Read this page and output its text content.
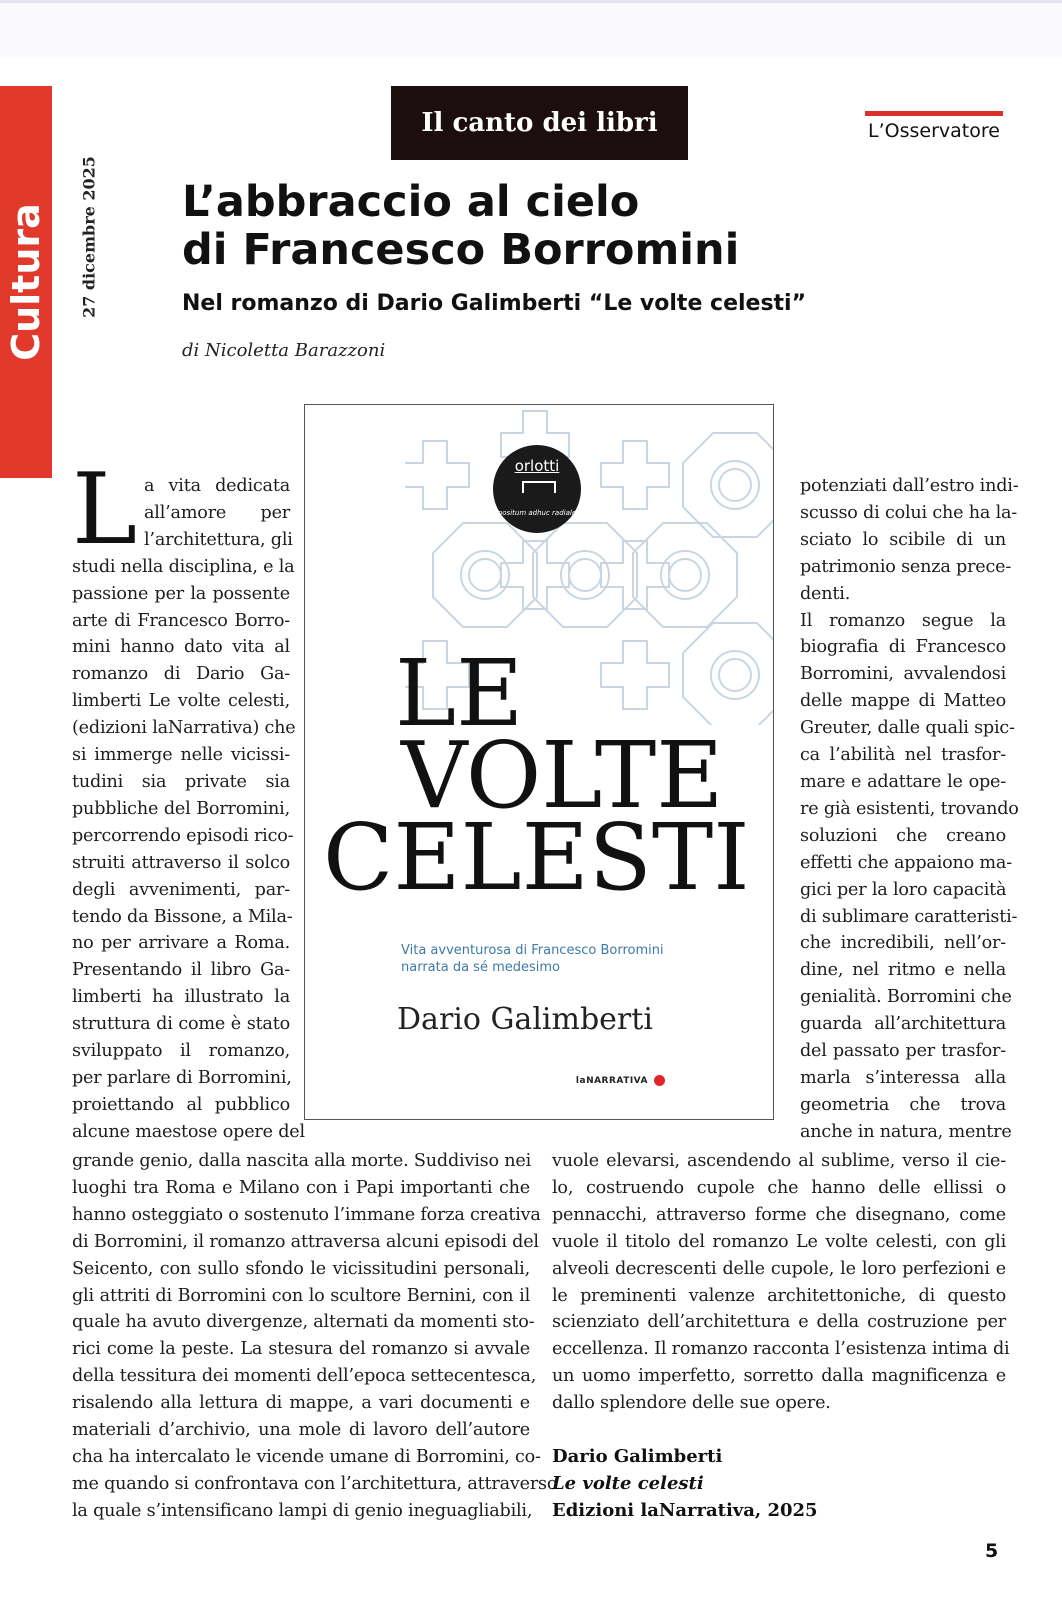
Cultura 27 dicembre 2025
Il canto dei libri	L’Osservatore
L’abbraccio al cielo
di Francesco Borromini
Nel romanzo di Dario Galimberti “Le volte celesti”
di Nicoletta Barazzoni
orlotti
positum adhuc radiale
LE
VOLTE
CELESTI
Vita avventurosa di Francesco Borromini
narrata da sé medesimo
Dario Galimberti
laNARRATIVA
L a vita dedicata
all’amore per
l’architettura, gli
studi nella disciplina, e la
passione per la possente
arte di Francesco Borro-
mini hanno dato vita al
romanzo di Dario Ga-
limberti Le volte celesti,
(edizioni laNarrativa) che
si immerge nelle vicissi-
tudini sia private sia
pubbliche del Borromini,
percorrendo episodi rico-
struiti attraverso il solco
degli avvenimenti, par-
tendo da Bissone, a Mila-
no per arrivare a Roma.
Presentando il libro Ga-
limberti ha illustrato la
struttura di come è stato
sviluppato il romanzo,
per parlare di Borromini,
proiettando al pubblico
alcune maestose opere del
potenziati dall’estro indi-
scusso di colui che ha la-
sciato lo scibile di un
patrimonio senza prece-
denti.
Il romanzo segue la
biografia di Francesco
Borromini, avvalendosi
delle mappe di Matteo
Greuter, dalle quali spic-
ca l’abilità nel trasfor-
mare e adattare le ope-
re già esistenti, trovando
soluzioni che creano
effetti che appaiono ma-
gici per la loro capacità
di sublimare caratteristi-
che incredibili, nell’or-
dine, nel ritmo e nella
genialità. Borromini che
guarda all’architettura
del passato per trasfor-
marla s’interessa alla
geometria che trova
anche in natura, mentre
grande genio, dalla nascita alla morte. Suddiviso nei
luoghi tra Roma e Milano con i Papi importanti che
hanno osteggiato o sostenuto l’immane forza creativa
di Borromini, il romanzo attraversa alcuni episodi del
Seicento, con sullo sfondo le vicissitudini personali,
gli attriti di Borromini con lo scultore Bernini, con il
quale ha avuto divergenze, alternati da momenti sto-
rici come la peste. La stesura del romanzo si avvale
della tessitura dei momenti dell’epoca settecentesca,
risalendo alla lettura di mappe, a vari documenti e
materiali d’archivio, una mole di lavoro dell’autore
cha ha intercalato le vicende umane di Borromini, co-
me quando si confrontava con l’architettura, attraverso
la quale s’intensificano lampi di genio ineguagliabili,
vuole elevarsi, ascendendo al sublime, verso il cie-
lo, costruendo cupole che hanno delle ellissi o
pennacchi, attraverso forme che disegnano, come
vuole il titolo del romanzo Le volte celesti, con gli
alveoli decrescenti delle cupole, le loro perfezioni e
le preminenti valenze architettoniche, di questo
scienziato dell’architettura e della costruzione per
eccellenza. Il romanzo racconta l’esistenza intima di
un uomo imperfetto, sorretto dalla magnificenza e
dallo splendore delle sue opere.
Dario Galimberti
Le volte celesti
Edizioni laNarrativa, 2025
5
